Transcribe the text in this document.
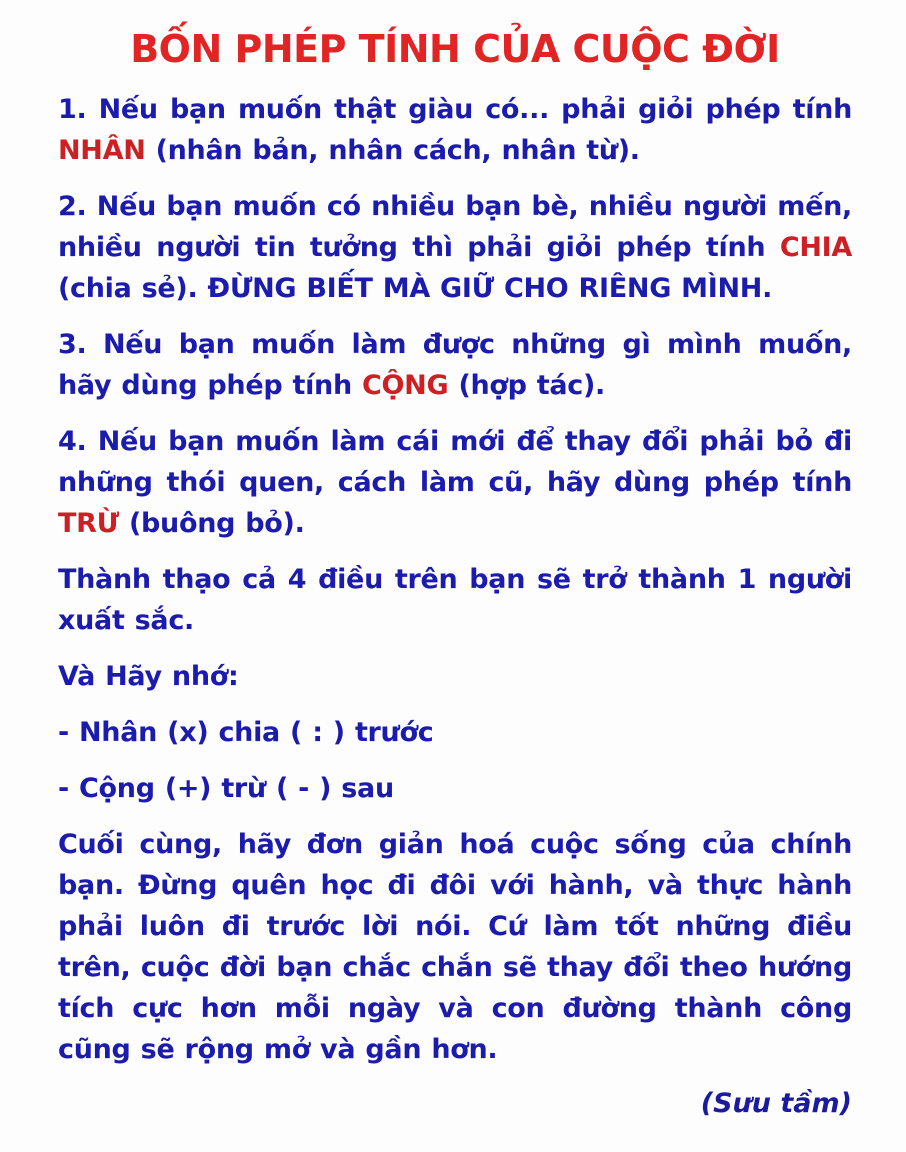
BỐN PHÉP TÍNH CỦA CUỘC ĐỜI

1. Nếu bạn muốn thật giàu có... phải giỏi phép tính NHÂN (nhân bản, nhân cách, nhân từ).

2. Nếu bạn muốn có nhiều bạn bè, nhiều người mến, nhiều người tin tưởng thì phải giỏi phép tính CHIA (chia sẻ). ĐỪNG BIẾT MÀ GIỮ CHO RIÊNG MÌNH.

3. Nếu bạn muốn làm được những gì mình muốn, hãy dùng phép tính CỘNG (hợp tác).

4. Nếu bạn muốn làm cái mới để thay đổi phải bỏ đi những thói quen, cách làm cũ, hãy dùng phép tính TRỪ (buông bỏ).

Thành thạo cả 4 điều trên bạn sẽ trở thành 1 người xuất sắc.

Và Hãy nhớ:

- Nhân (x) chia ( : ) trước

- Cộng (+) trừ ( - ) sau

Cuối cùng, hãy đơn giản hoá cuộc sống của chính bạn. Đừng quên học đi đôi với hành, và thực hành phải luôn đi trước lời nói. Cứ làm tốt những điều trên, cuộc đời bạn chắc chắn sẽ thay đổi theo hướng tích cực hơn mỗi ngày và con đường thành công cũng sẽ rộng mở và gần hơn.

(Sưu tầm)
